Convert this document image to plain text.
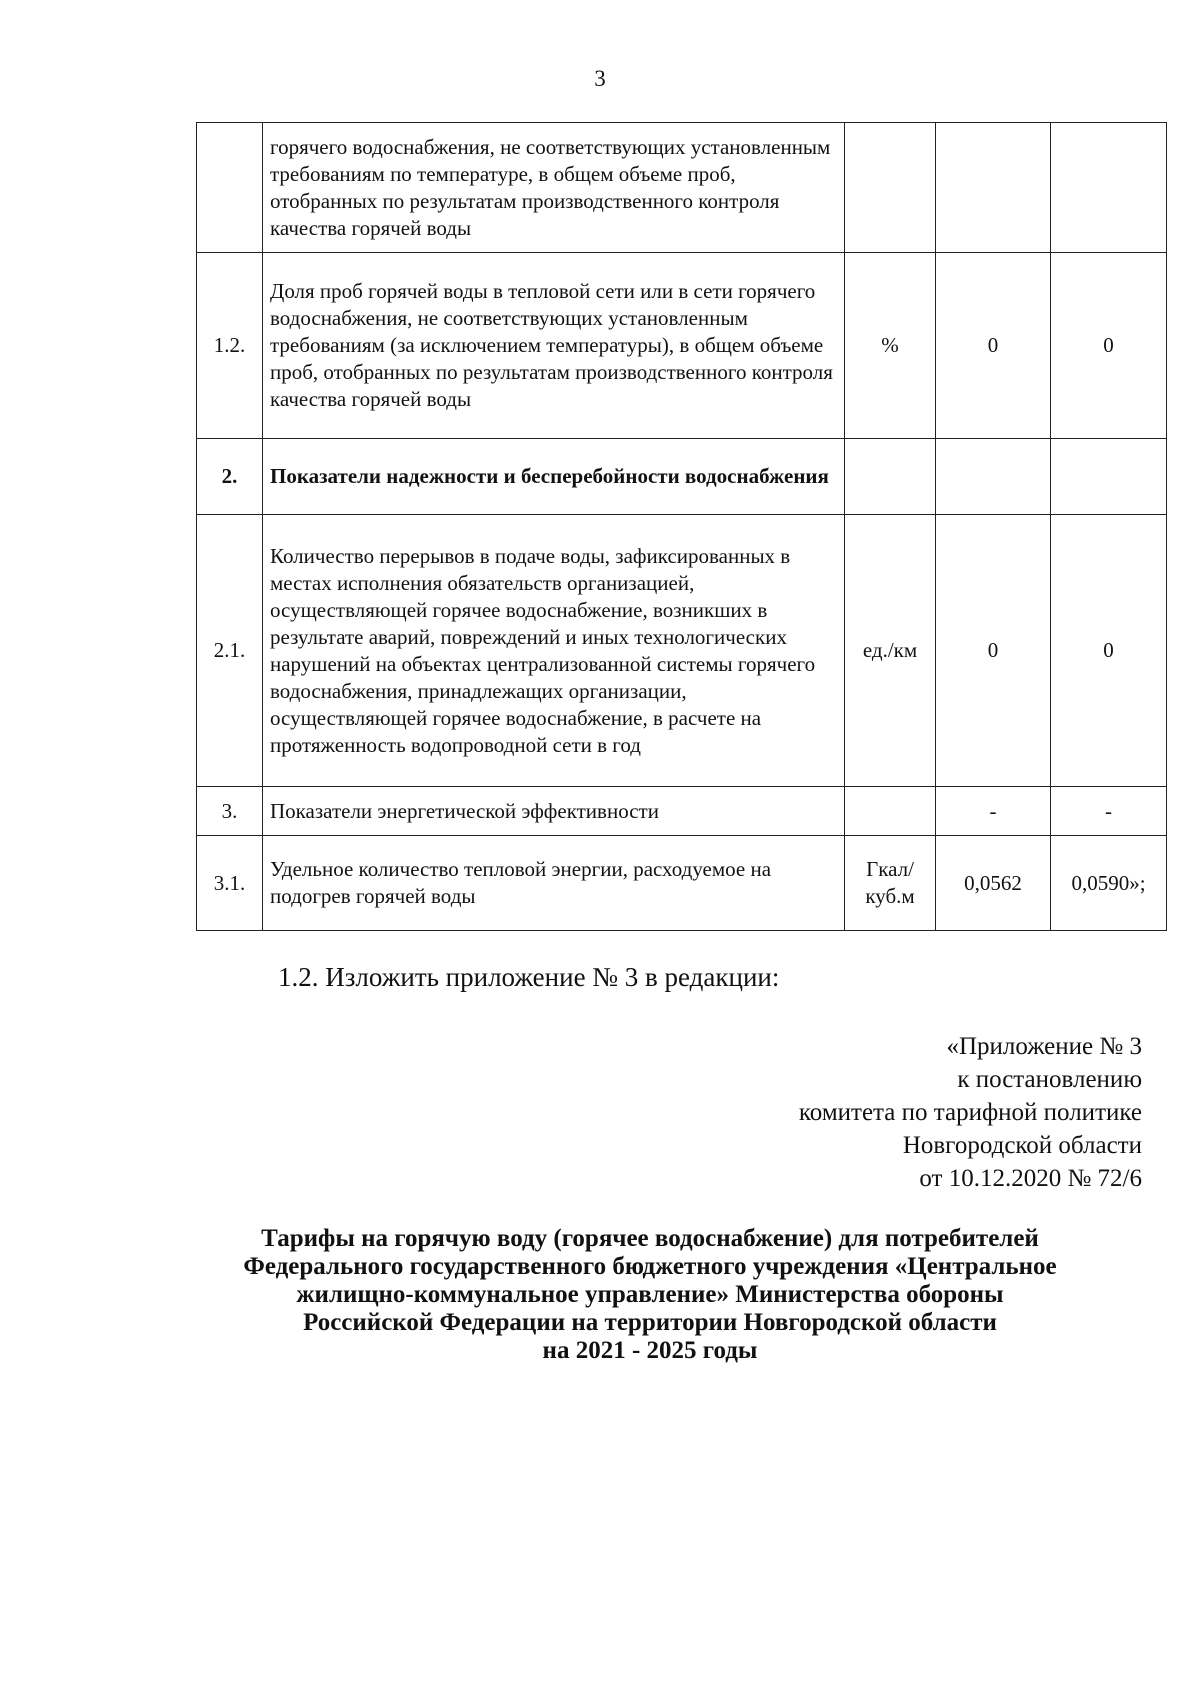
3
	горячего водоснабжения, не соответствующих установленным требованиям по температуре, в общем объеме проб, отобранных по результатам производственного контроля качества горячей воды			
1.2.	Доля проб горячей воды в тепловой сети или в сети горячего водоснабжения, не соответствующих установленным требованиям (за исключением температуры), в общем объеме проб, отобранных по результатам производственного контроля качества горячей воды	%	0	0
2.	Показатели надежности и бесперебойности водоснабжения			
2.1.	Количество перерывов в подаче воды, зафиксированных в местах исполнения обязательств организацией, осуществляющей горячее водоснабжение, возникших в результате аварий, повреждений и иных технологических нарушений на объектах централизованной системы горячего водоснабжения, принадлежащих организации, осуществляющей горячее водоснабжение, в расчете на протяженность водопроводной сети в год	ед./км	0	0
3.	Показатели энергетической эффективности		-	-
3.1.	Удельное количество тепловой энергии, расходуемое на подогрев горячей воды	Гкал/ куб.м	0,0562	0,0590»;
1.2. Изложить приложение № 3 в редакции:
«Приложение № 3
к постановлению
комитета по тарифной политике
Новгородской области
от 10.12.2020 № 72/6
Тарифы на горячую воду (горячее водоснабжение) для потребителей
Федерального государственного бюджетного учреждения «Центральное
жилищно-коммунальное управление» Министерства обороны
Российской Федерации на территории Новгородской области
на 2021 - 2025 годы
